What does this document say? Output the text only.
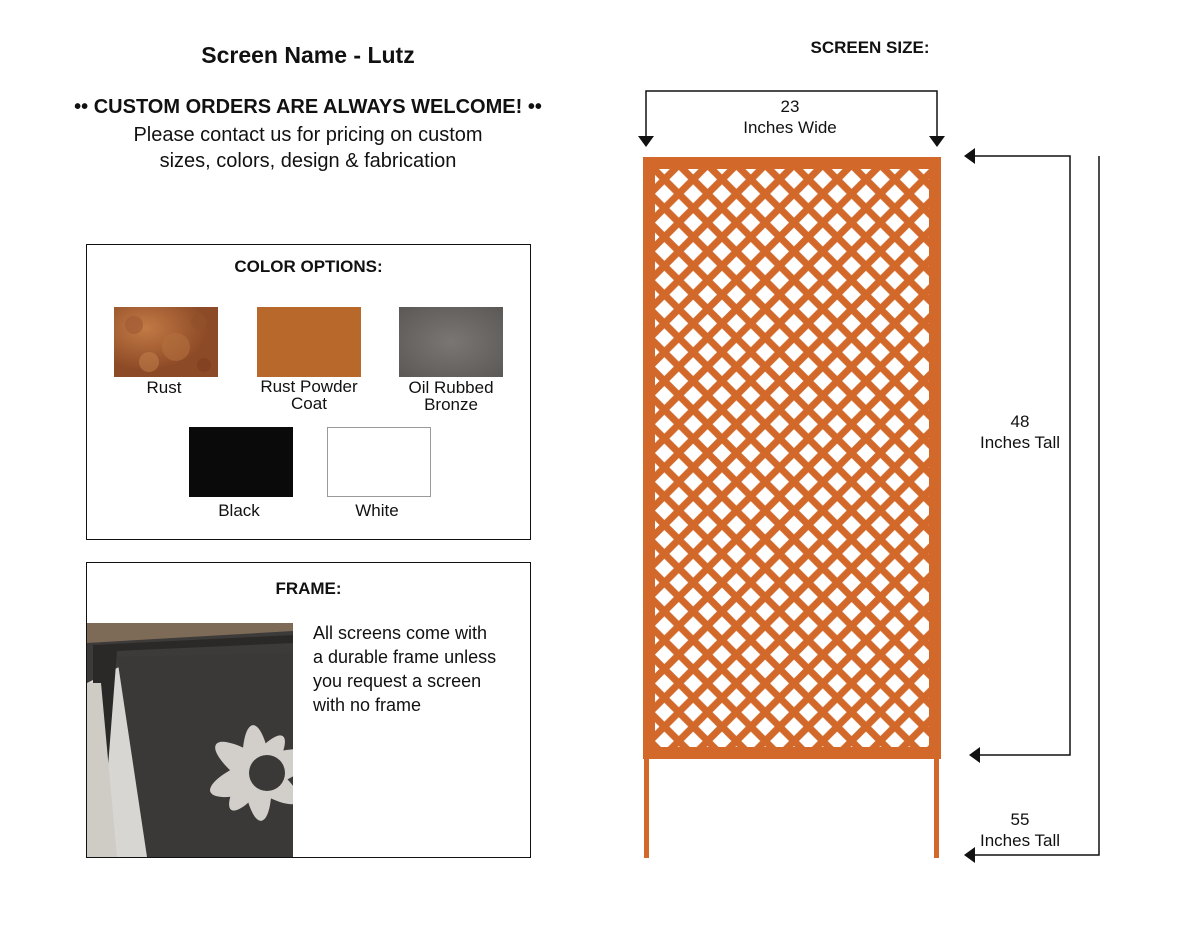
Screen Name - Lutz
•• CUSTOM ORDERS ARE ALWAYS WELCOME! ••
Please contact us for pricing on custom
sizes, colors, design & fabrication
COLOR OPTIONS:
Rust	Rust Powder
Coat
Oil Rubbed
Bronze
Black	White
FRAME:
All screens come with
a durable frame unless
you request a screen
with no frame
SCREEN SIZE:
23
Inches Wide
48
Inches Tall
55
Inches Tall
